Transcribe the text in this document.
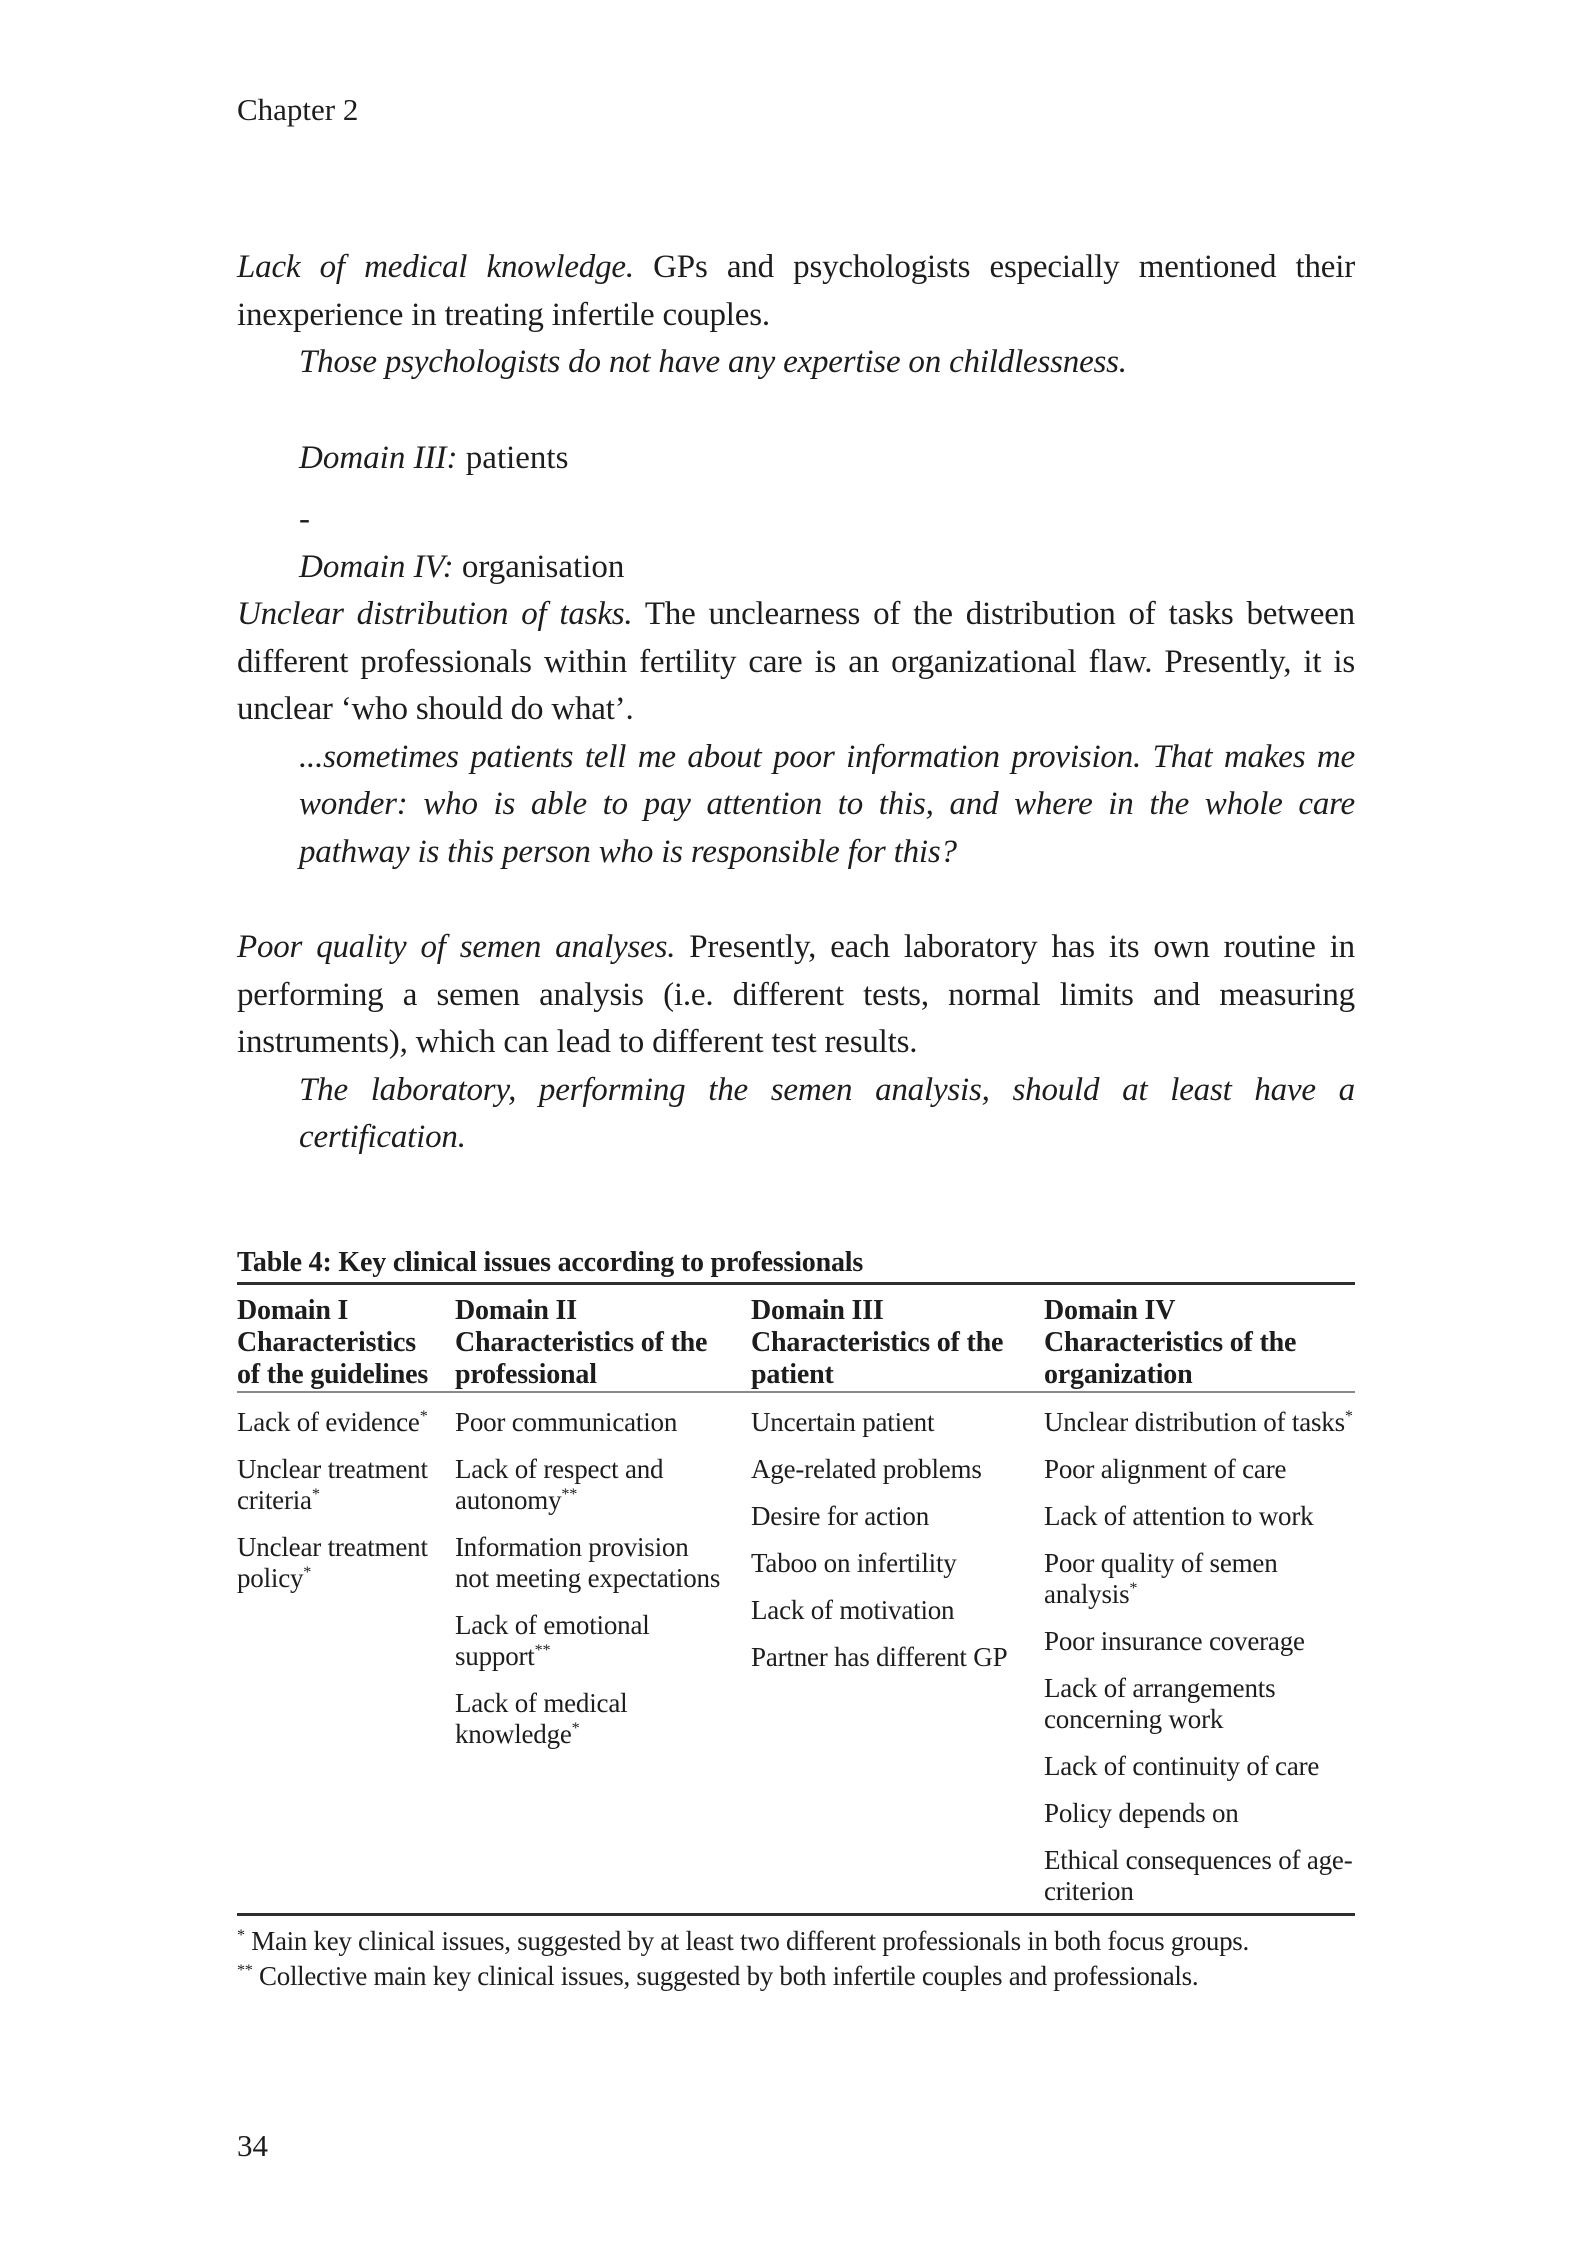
Chapter 2

Lack of medical knowledge. GPs and psychologists especially mentioned their inexperience in treating infertile couples.

Those psychologists do not have any expertise on childlessness.

Domain III: patients

-

Domain IV: organisation

Unclear distribution of tasks. The unclearness of the distribution of tasks between different professionals within fertility care is an organizational flaw. Presently, it is unclear ‘who should do what’.

...sometimes patients tell me about poor information provision. That makes me wonder: who is able to pay attention to this, and where in the whole care pathway is this person who is responsible for this?

Poor quality of semen analyses. Presently, each laboratory has its own routine in performing a semen analysis (i.e. different tests, normal limits and measuring instruments), which can lead to different test results.

The laboratory, performing the semen analysis, should at least have a certification.

Table 4: Key clinical issues according to professionals
Domain I
Characteristics of the guidelines
Domain II
Characteristics of the professional
Domain III
Characteristics of the patient
Domain IV
Characteristics of the organization
Lack of evidence*
Unclear treatment criteria*
Unclear treatment policy*
Poor communication
Lack of respect and autonomy**
Information provision not meeting expectations
Lack of emotional support**
Lack of medical knowledge*
Uncertain patient
Age-related problems
Desire for action
Taboo on infertility
Lack of motivation
Partner has different GP
Unclear distribution of tasks*
Poor alignment of care
Lack of attention to work
Poor quality of semen analysis*
Poor insurance coverage
Lack of arrangements concerning work
Lack of continuity of care
Policy depends on
Ethical consequences of age-criterion
* Main key clinical issues, suggested by at least two different professionals in both focus groups.
** Collective main key clinical issues, suggested by both infertile couples and professionals.
34
